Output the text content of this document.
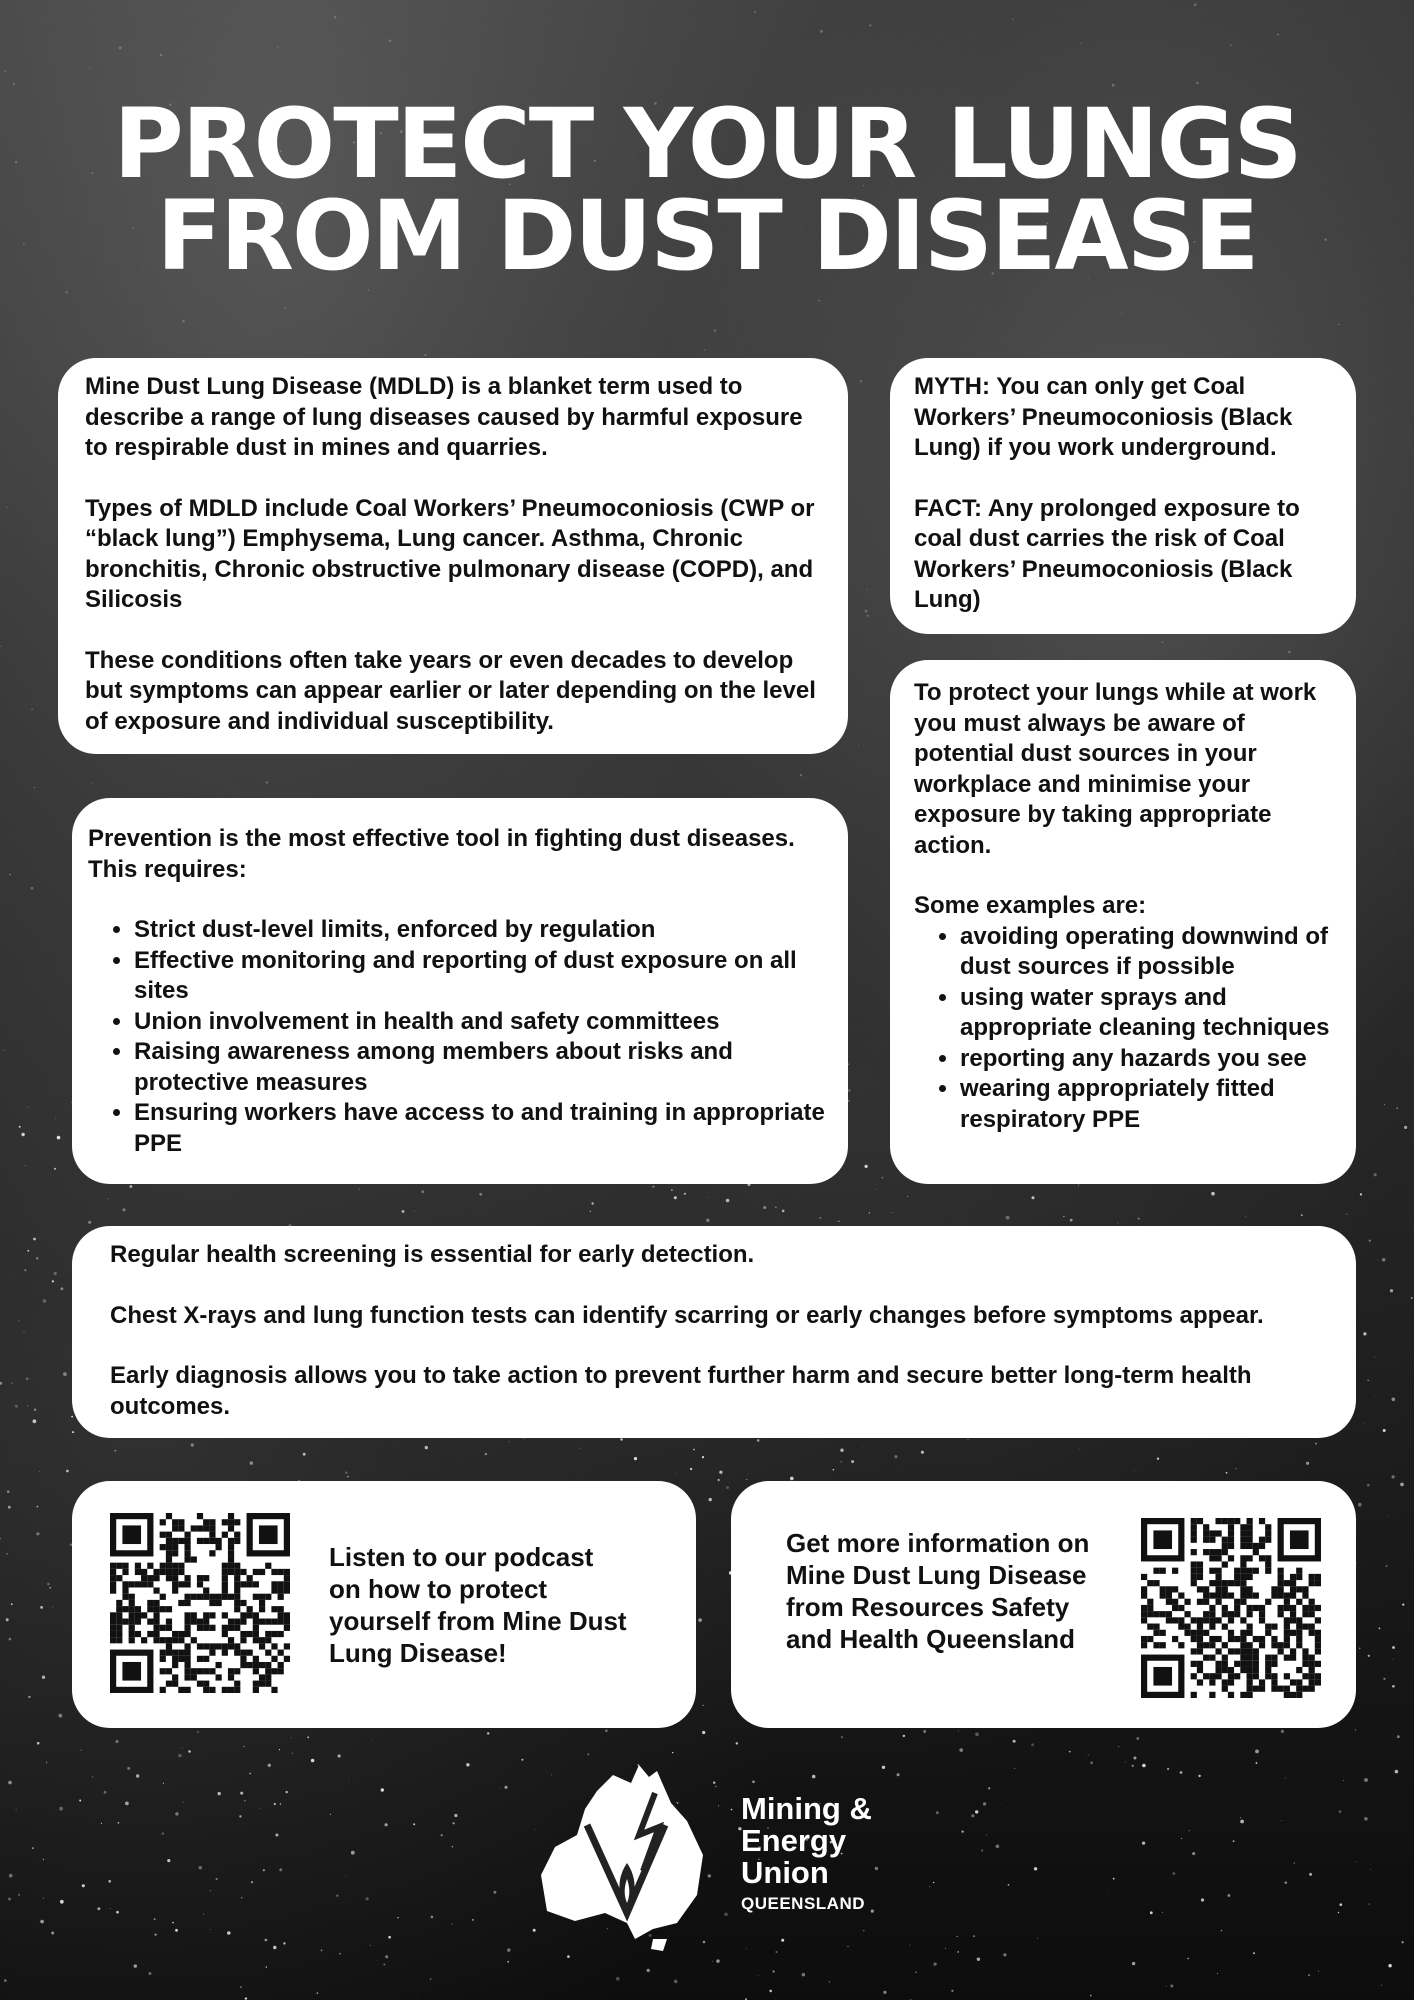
PROTECT YOUR LUNGS
FROM DUST DISEASE

Mine Dust Lung Disease (MDLD) is a blanket term used to describe a range of lung diseases caused by harmful exposure to respirable dust in mines and quarries.

Types of MDLD include Coal Workers’ Pneumoconiosis (CWP or “black lung”) Emphysema, Lung cancer. Asthma, Chronic bronchitis, Chronic obstructive pulmonary disease (COPD), and Silicosis

These conditions often take years or even decades to develop but symptoms can appear earlier or later depending on the level of exposure and individual susceptibility.

MYTH: You can only get Coal Workers’ Pneumoconiosis (Black Lung) if you work underground.

FACT: Any prolonged exposure to coal dust carries the risk of Coal Workers’ Pneumoconiosis (Black Lung)

Prevention is the most effective tool in fighting dust diseases. This requires:

• Strict dust-level limits, enforced by regulation
• Effective monitoring and reporting of dust exposure on all sites
• Union involvement in health and safety committees
• Raising awareness among members about risks and protective measures
• Ensuring workers have access to and training in appropriate PPE

To protect your lungs while at work you must always be aware of potential dust sources in your workplace and minimise your exposure by taking appropriate action.

Some examples are:

• avoiding operating downwind of dust sources if possible
• using water sprays and appropriate cleaning techniques
• reporting any hazards you see
• wearing appropriately fitted respiratory PPE

Regular health screening is essential for early detection.

Chest X-rays and lung function tests can identify scarring or early changes before symptoms appear.

Early diagnosis allows you to take action to prevent further harm and secure better long-term health outcomes.

Listen to our podcast on how to protect yourself from Mine Dust Lung Disease!

Get more information on Mine Dust Lung Disease from Resources Safety and Health Queensland

Mining &
Energy
Union
QUEENSLAND
